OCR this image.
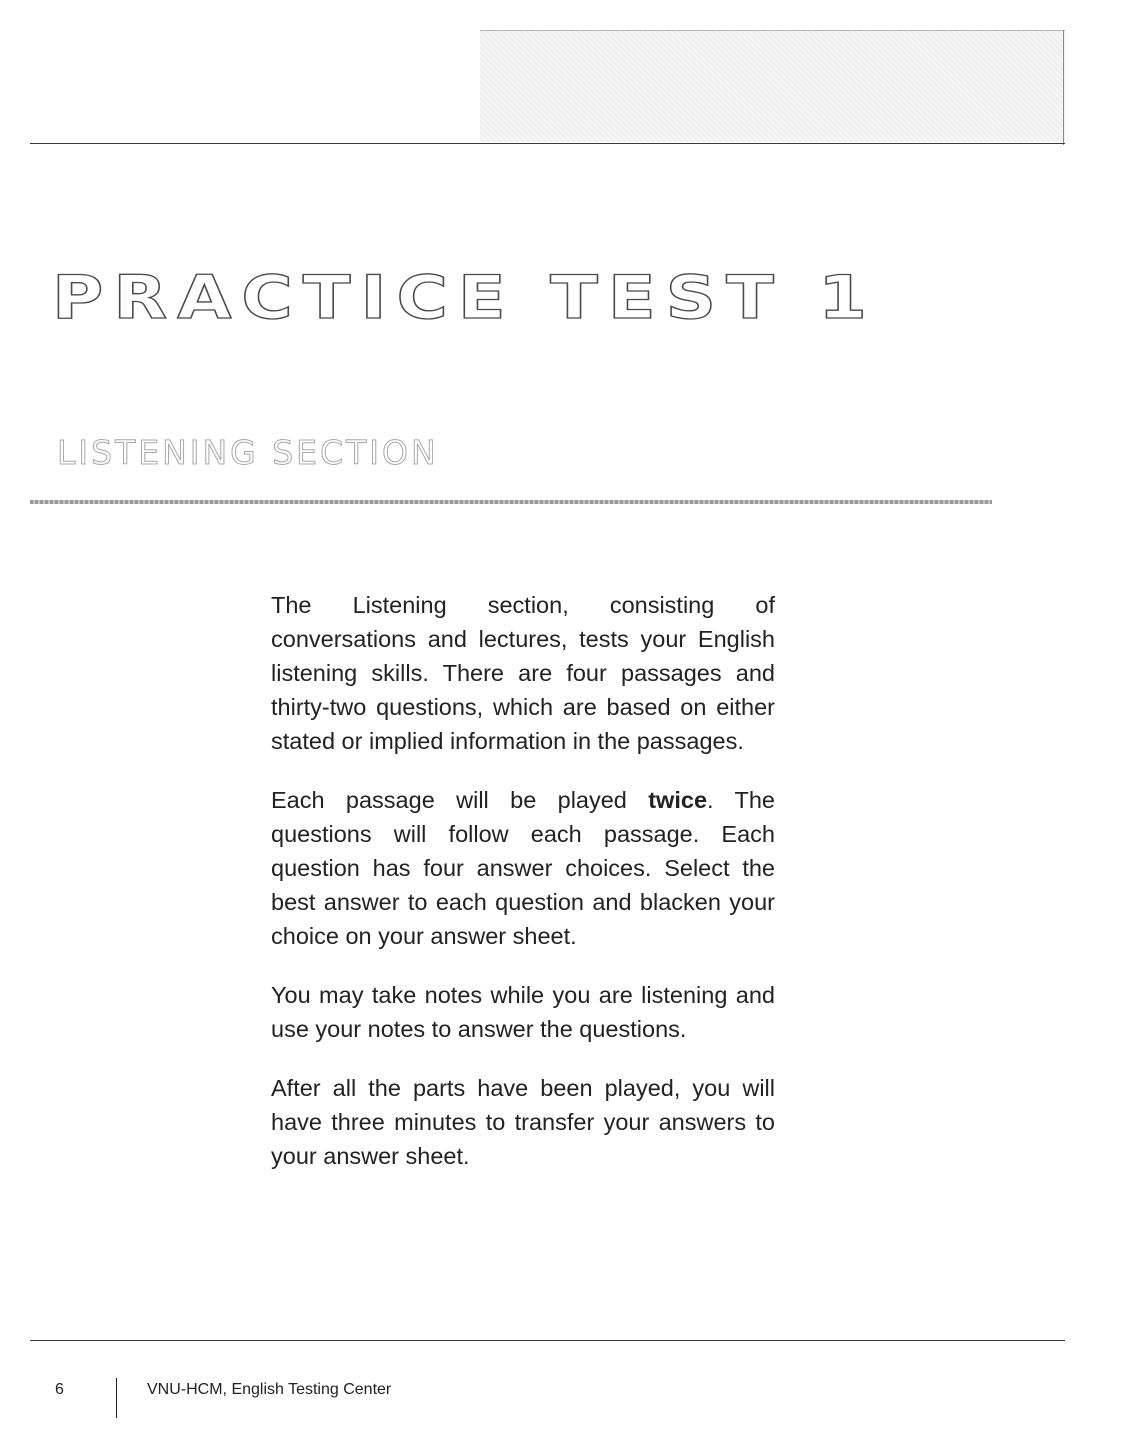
PRACTICE TEST 1
LISTENING SECTION

The Listening section, consisting of conversations and lectures, tests your English listening skills. There are four passages and thirty-two questions, which are based on either stated or implied information in the passages.

Each passage will be played twice. The questions will follow each passage. Each question has four answer choices. Select the best answer to each question and blacken your choice on your answer sheet.

You may take notes while you are listening and use your notes to answer the questions.

After all the parts have been played, you will have three minutes to transfer your answers to your answer sheet.

6	VNU-HCM, English Testing Center
